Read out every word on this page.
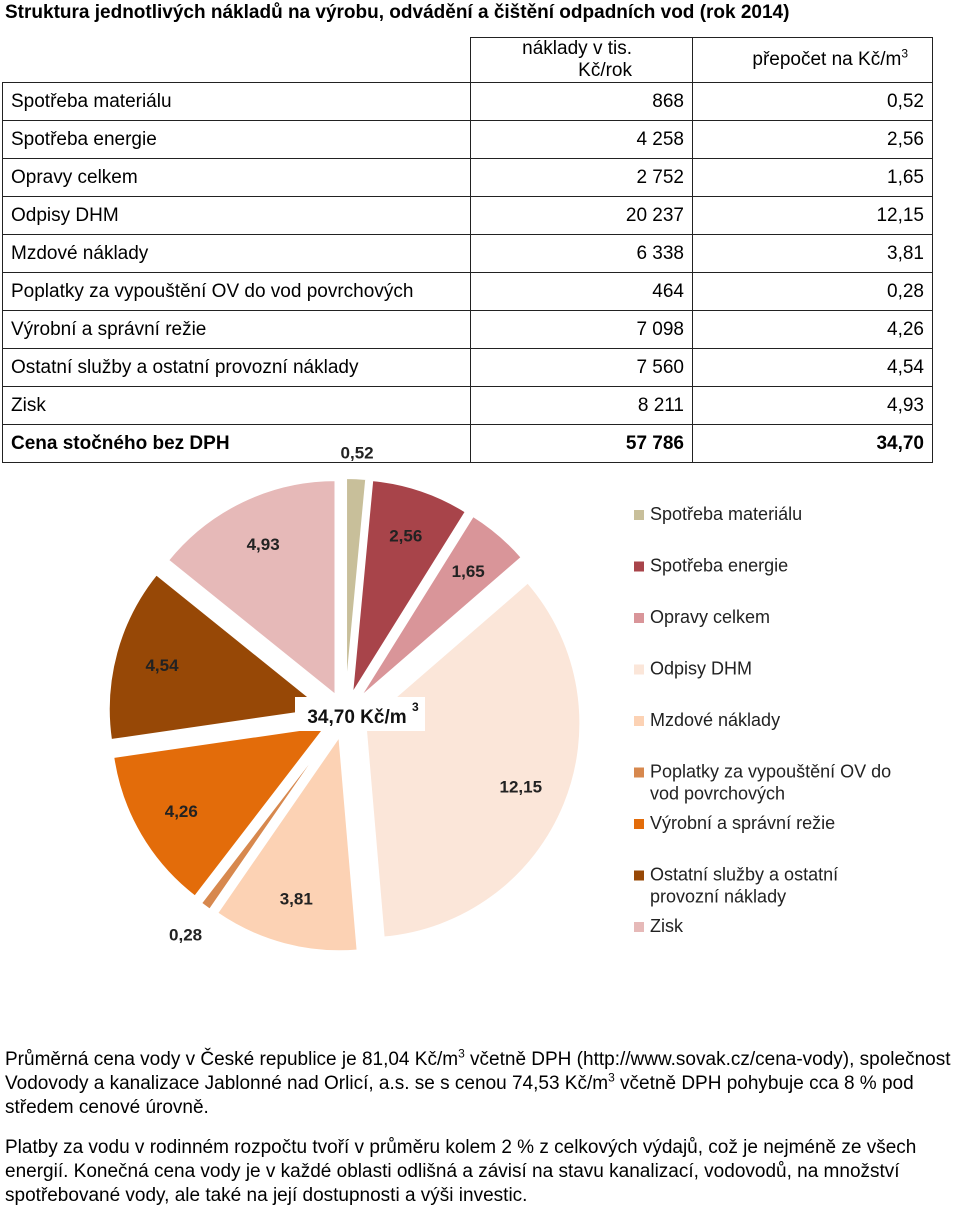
Struktura jednotlivých nákladů na výrobu, odvádění a čištění odpadních vod (rok 2014)
	náklady v tis. Kč/rok	přepočet na $Kč/m^3$
Spotřeba materiálu	868	0,52
Spotřeba energie	4 258	2,56
Opravy celkem	2 752	1,65
Odpisy DHM	20 237	12,15
Mzdové náklady	6 338	3,81
Poplatky za vypouštění OV do vod povrchových	464	0,28
Výrobní a správní režie	7 098	4,26
Ostatní služby a ostatní provozní náklady	7 560	4,54
Zisk	8 211	4,93
Cena stočného bez DPH	57 786	34,70
0,52
2,56
1,65
12,15
3,81
0,28
4,26
4,54
4,93
34,70 Kč/m 3
Spotřeba materiálu
Spotřeba energie
Opravy celkem
Odpisy DHM
Mzdové náklady
Poplatky za vypouštění OV do vod povrchových
Výrobní a správní režie
Ostatní služby a ostatní provozní náklady
Zisk
Průměrná cena vody v České republice je 81,04 $Kč/m^3$ včetně DPH (http://www.sovak.cz/cena-vody), společnost Vodovody a kanalizace Jablonné nad Orlicí, a.s. se s cenou 74,53 $Kč/m^3$ včetně DPH pohybuje cca 8 % pod středem cenové úrovně.
Platby za vodu v rodinném rozpočtu tvoří v průměru kolem 2 % z celkových výdajů, což je nejméně ze všech energií. Konečná cena vody je v každé oblasti odlišná a závisí na stavu kanalizací, vodovodů, na množství spotřebované vody, ale také na její dostupnosti a výši investic.
